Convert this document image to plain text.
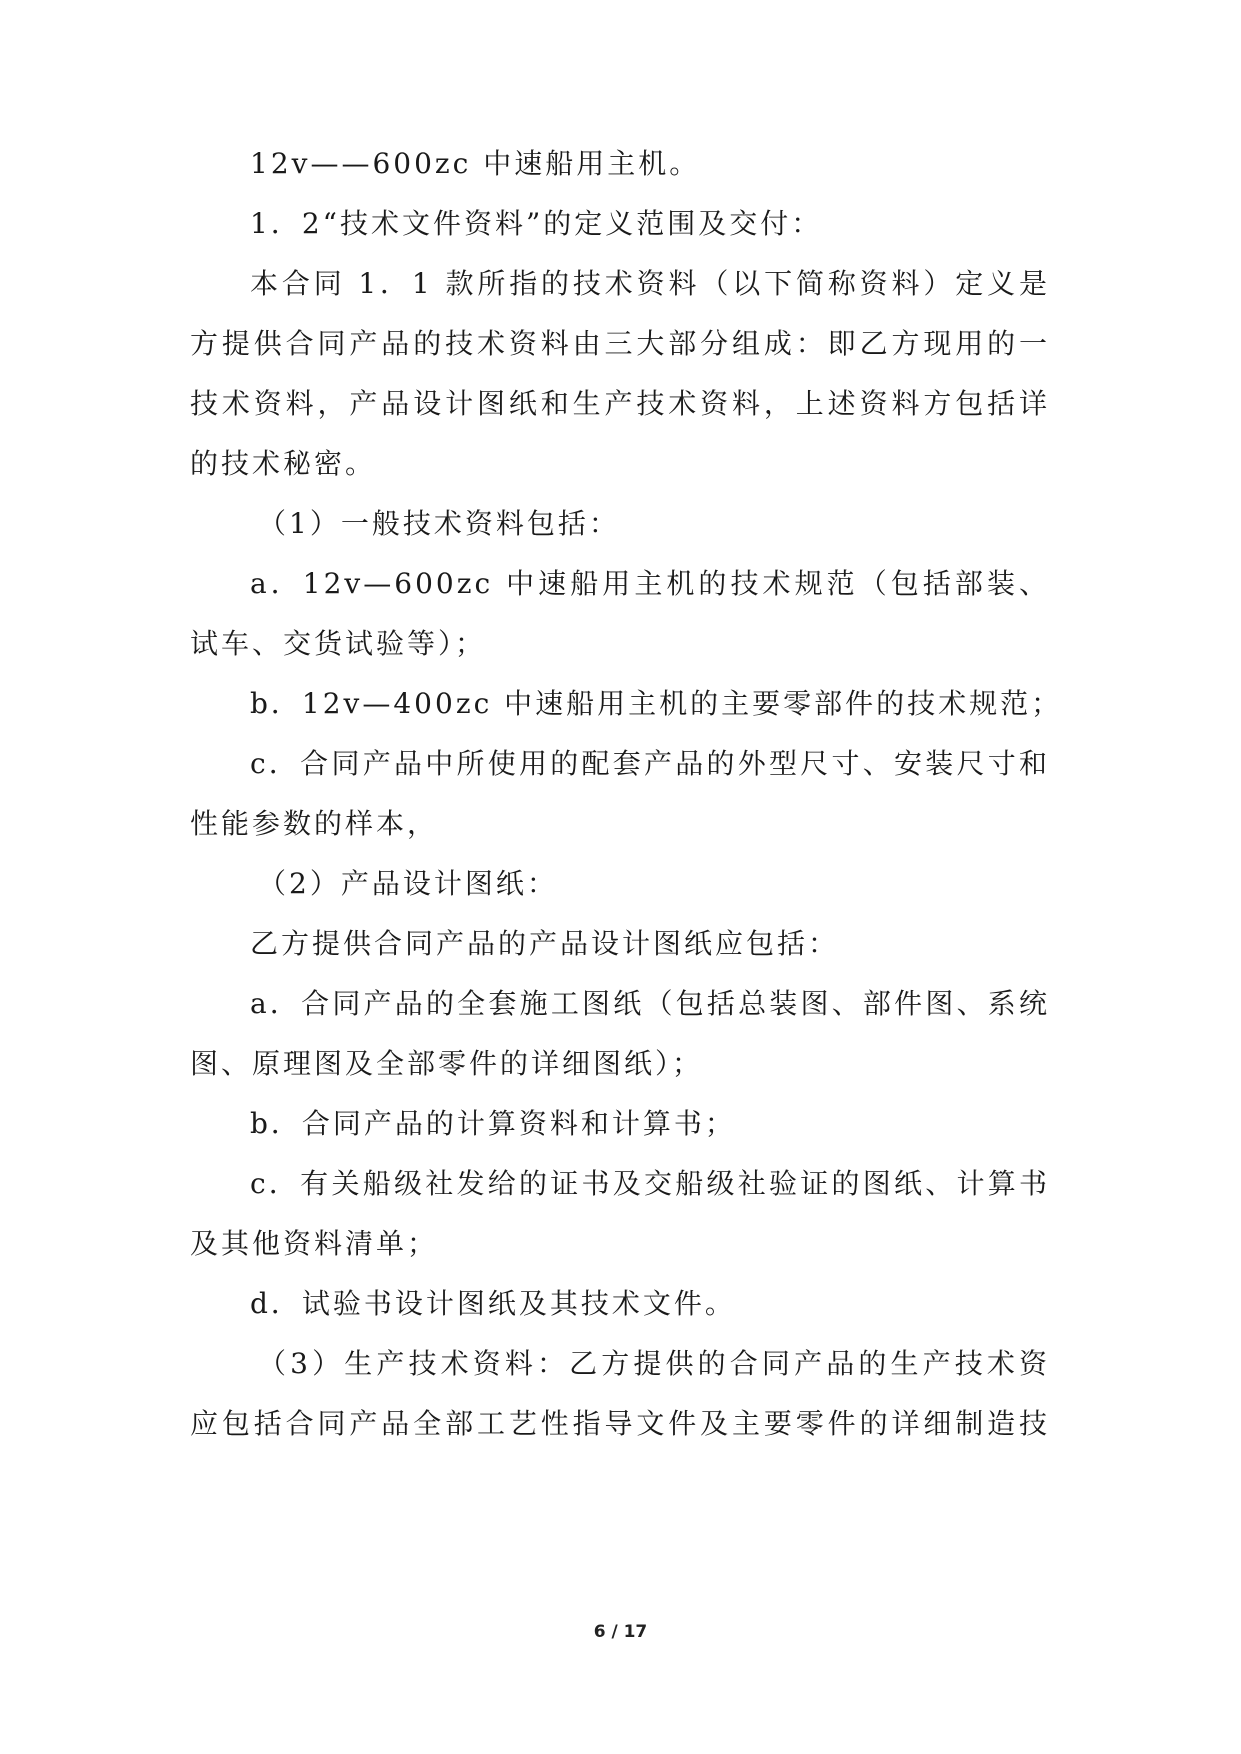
12v——600zc 中速船用主机。
1．2“技术文件资料”的定义范围及交付：
本合同 1．1 款所指的技术资料（以下简称资料）定义是
方提供合同产品的技术资料由三大部分组成：即乙方现用的一
技术资料，产品设计图纸和生产技术资料，上述资料方包括详
的技术秘密。
（1）一般技术资料包括：
a．12v—600zc 中速船用主机的技术规范（包括部装、
试车、交货试验等）；
b．12v—400zc 中速船用主机的主要零部件的技术规范；
c．合同产品中所使用的配套产品的外型尺寸、安装尺寸和
性能参数的样本，
（2）产品设计图纸：
乙方提供合同产品的产品设计图纸应包括：
a．合同产品的全套施工图纸（包括总装图、部件图、系统
图、原理图及全部零件的详细图纸）；
b．合同产品的计算资料和计算书；
c．有关船级社发给的证书及交船级社验证的图纸、计算书
及其他资料清单；
d．试验书设计图纸及其技术文件。
（3）生产技术资料：乙方提供的合同产品的生产技术资
应包括合同产品全部工艺性指导文件及主要零件的详细制造技
6 / 17
